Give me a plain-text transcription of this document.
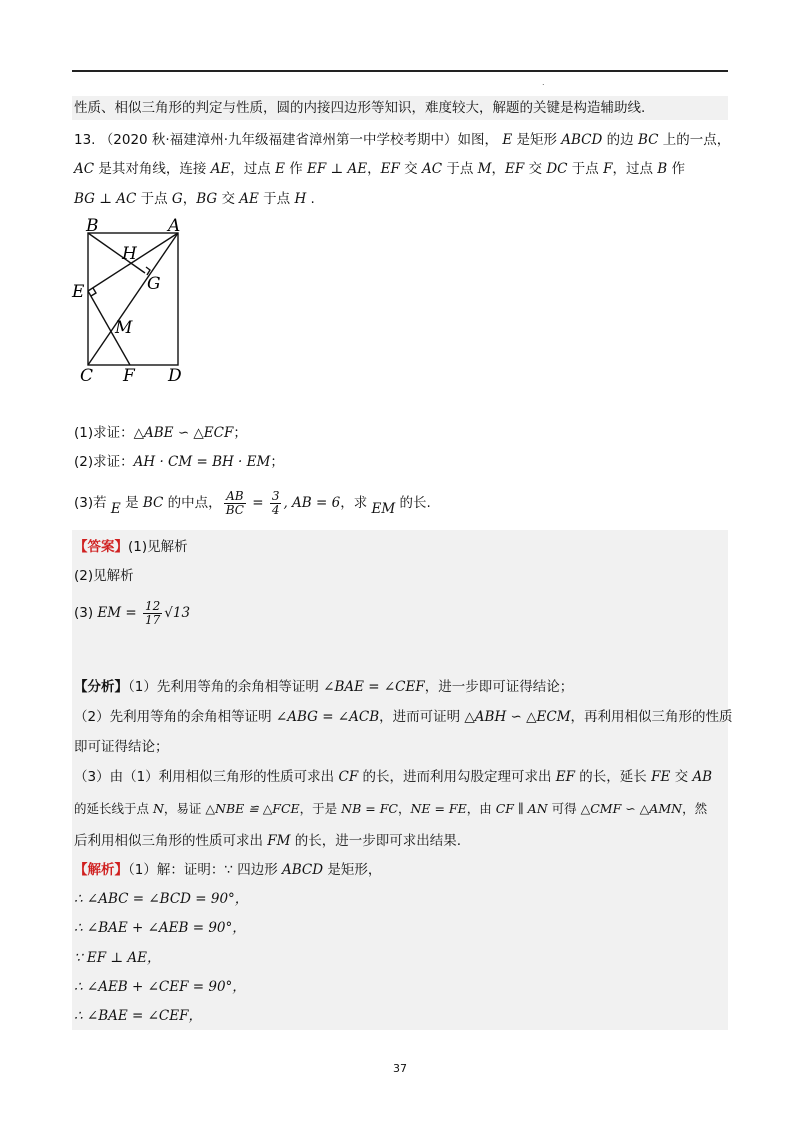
.
性质、相似三角形的判定与性质，圆的内接四边形等知识，难度较大，解题的关键是构造辅助线.
13. （2020 秋·福建漳州·九年级福建省漳州第一中学校考期中）如图， E 是矩形 ABCD 的边 BC 上的一点，
AC 是其对角线，连接 AE，过点 E 作 EF ⊥ AE，EF 交 AC 于点 M，EF 交 DC 于点 F，过点 B 作
BG ⊥ AC 于点 G，BG 交 AE 于点 H .
B	A
H
G
E
M
C F D
(1)求证：△ABE ∽ △ECF；
(2)求证：AH · CM = BH · EM；
(3)若 E 是 BC 的中点， $\frac{AB}{BC} = \frac{3}{4}$ , AB = 6，求 EM 的长.
【答案】(1)见解析
(2)见解析
(3) EM = $\frac{12}{17} √13$
【分析】（1）先利用等角的余角相等证明 ∠BAE = ∠CEF，进一步即可证得结论；
（2）先利用等角的余角相等证明 ∠ABG = ∠ACB，进而可证明 △ABH ∽ △ECM，再利用相似三角形的性质
即可证得结论；
（3）由（1）利用相似三角形的性质可求出 CF 的长，进而利用勾股定理可求出 EF 的长，延长 FE 交 AB
的延长线于点 N，易证 △NBE ≌ △FCE，于是 NB = FC，NE = FE，由 CF ∥ AN 可得 △CMF ∽ △AMN，然
后利用相似三角形的性质可求出 FM 的长，进一步即可求出结果.
【解析】（1）解：证明：∵ 四边形 ABCD 是矩形，
∴ ∠ABC = ∠BCD = 90°，
∴ ∠BAE + ∠AEB = 90°，
∵ EF ⊥ AE，
∴ ∠AEB + ∠CEF = 90°，
∴ ∠BAE = ∠CEF，
37
